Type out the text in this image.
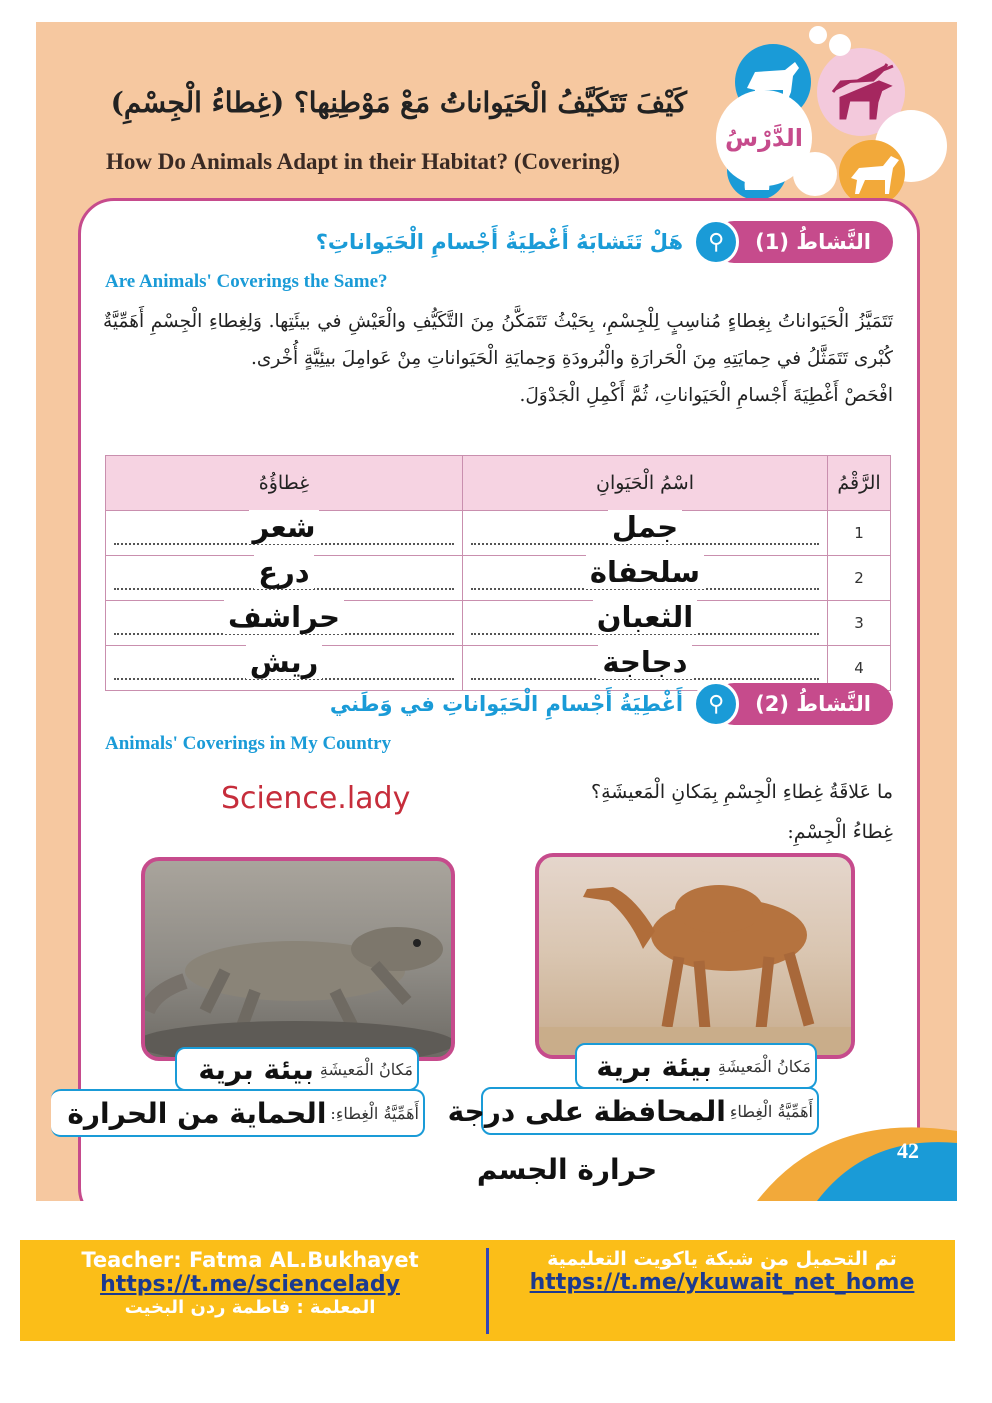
الدَّرْسُ
كَيْفَ تَتَكَيَّفُ الْحَيَواناتُ مَعْ مَوْطِنِها؟ (غِطاءُ الْجِسْمِ)
How Do Animals Adapt in their Habitat? (Covering)
النَّشاطُ (1)
⚲
هَلْ تَتَشابَهُ أَغْطِيَةُ أَجْسامِ الْحَيَواناتِ؟
Are Animals' Coverings the Same?
تَتَمَيَّزُ الْحَيَواناتُ بِغِطاءٍ مُناسِبٍ لِلْجِسْمِ، بِحَيْثُ تَتَمَكَّنُ مِنَ التَّكَيُّفِ والْعَيْشِ في بيئَتِها. وَلِغِطاءِ الْجِسْمِ أَهَمِّيَّةٌ كُبْرى تَتَمَثَّلُ في حِمايَتِهِ مِنَ الْحَرارَةِ والْبُرودَةِ وَحِمايَةِ الْحَيَواناتِ مِنْ عَوامِلَ بيئِيَّةٍ أُخْرى.
افْحَصْ أَغْطِيَةَ أَجْسامِ الْحَيَواناتِ، ثُمَّ أَكْمِلِ الْجَدْوَلَ.
الرَّقْمُ	اسْمُ الْحَيَوانِ	غِطاؤُهُ
1	جمل	شعر
2	سلحفاة	درع
3	الثعبان	حراشف
4	دجاجة	ريش
النَّشاطُ (2)
⚲
أَغْطِيَةُ أَجْسامِ الْحَيَواناتِ في وَطَني
Animals' Coverings in My Country
ما عَلاقَةُ غِطاءِ الْجِسْمِ بِمَكانِ الْمَعيشَةِ؟
غِطاءُ الْجِسْمِ:
Science.lady
مَكانُ الْمَعيشَةِ
بيئة برية
أَهَمِّيَّةُ الْغِطاءِ
المحافظة على درجة
حرارة الجسم
مَكانُ الْمَعيشَةِ
بيئة برية
أَهَمِّيَّةُ الْغِطاءِ:
الحماية من الحرارة
42
Teacher: Fatma AL.Bukhayet
https://t.me/sciencelady
المعلمة : فاطمة ردن البخيت
تم التحميل من شبكة ياكويت التعليمية
https://t.me/ykuwait_net_home
